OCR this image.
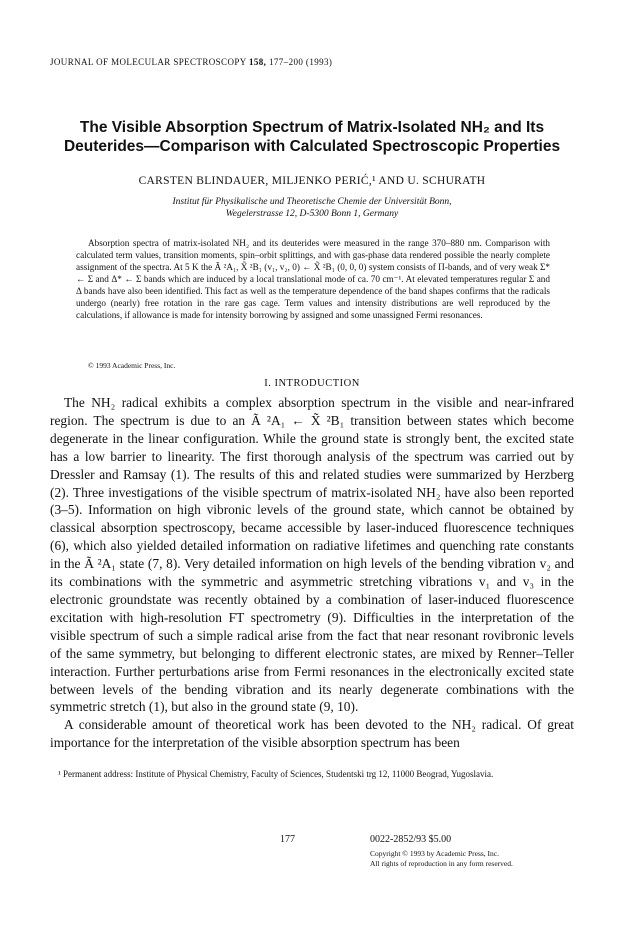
JOURNAL OF MOLECULAR SPECTROSCOPY 158, 177–200 (1993)
The Visible Absorption Spectrum of Matrix-Isolated NH₂ and Its
Deuterides—Comparison with Calculated Spectroscopic Properties
CARSTEN BLINDAUER, MILJENKO PERIĆ,¹ AND U. SCHURATH
Institut für Physikalische und Theoretische Chemie der Universität Bonn,
Wegelerstrasse 12, D-5300 Bonn 1, Germany

Absorption spectra of matrix-isolated NH₂ and its deuterides were measured in the range 370–880 nm. Comparison with calculated term values, transition moments, spin–orbit splittings, and with gas-phase data rendered possible the nearly complete assignment of the spectra. At 5 K the Ã ²A₁, X̃ ²B₁ (v₁, v₂, 0) ← X̃ ²B₁ (0, 0, 0) system consists of Π-bands, and of very weak Σ* ← Σ and Δ* ← Σ bands which are induced by a local translational mode of ca. 70 cm⁻¹. At elevated temperatures regular Σ and Δ bands have also been identified. This fact as well as the temperature dependence of the band shapes confirms that the radicals undergo (nearly) free rotation in the rare gas cage. Term values and intensity distributions are well reproduced by the calculations, if allowance is made for intensity borrowing by assigned and some unassigned Fermi resonances.

© 1993 Academic Press, Inc.
I. INTRODUCTION

The NH₂ radical exhibits a complex absorption spectrum in the visible and near-infrared region. The spectrum is due to an Ã ²A₁ ← X̃ ²B₁ transition between states which become degenerate in the linear configuration. While the ground state is strongly bent, the excited state has a low barrier to linearity. The first thorough analysis of the spectrum was carried out by Dressler and Ramsay (1). The results of this and related studies were summarized by Herzberg (2). Three investigations of the visible spectrum of matrix-isolated NH₂ have also been reported (3–5). Information on high vibronic levels of the ground state, which cannot be obtained by classical absorption spectroscopy, became accessible by laser-induced fluorescence techniques (6), which also yielded detailed information on radiative lifetimes and quenching rate constants in the Ã ²A₁ state (7, 8). Very detailed information on high levels of the bending vibration v₂ and its combinations with the symmetric and asymmetric stretching vibrations v₁ and v₃ in the electronic groundstate was recently obtained by a combination of laser-induced fluorescence excitation with high-resolution FT spectrometry (9). Difficulties in the interpretation of the visible spectrum of such a simple radical arise from the fact that near resonant rovibronic levels of the same symmetry, but belonging to different electronic states, are mixed by Renner–Teller interaction. Further perturbations arise from Fermi resonances in the electronically excited state between levels of the bending vibration and its nearly degenerate combinations with the symmetric stretch (1), but also in the ground state (9, 10).

A considerable amount of theoretical work has been devoted to the NH₂ radical. Of great importance for the interpretation of the visible absorption spectrum has been

¹ Permanent address: Institute of Physical Chemistry, Faculty of Sciences, Studentski trg 12, 11000 Beograd, Yugoslavia.

177	0022-2852/93 $5.00
Copyright © 1993 by Academic Press, Inc.
All rights of reproduction in any form reserved.
